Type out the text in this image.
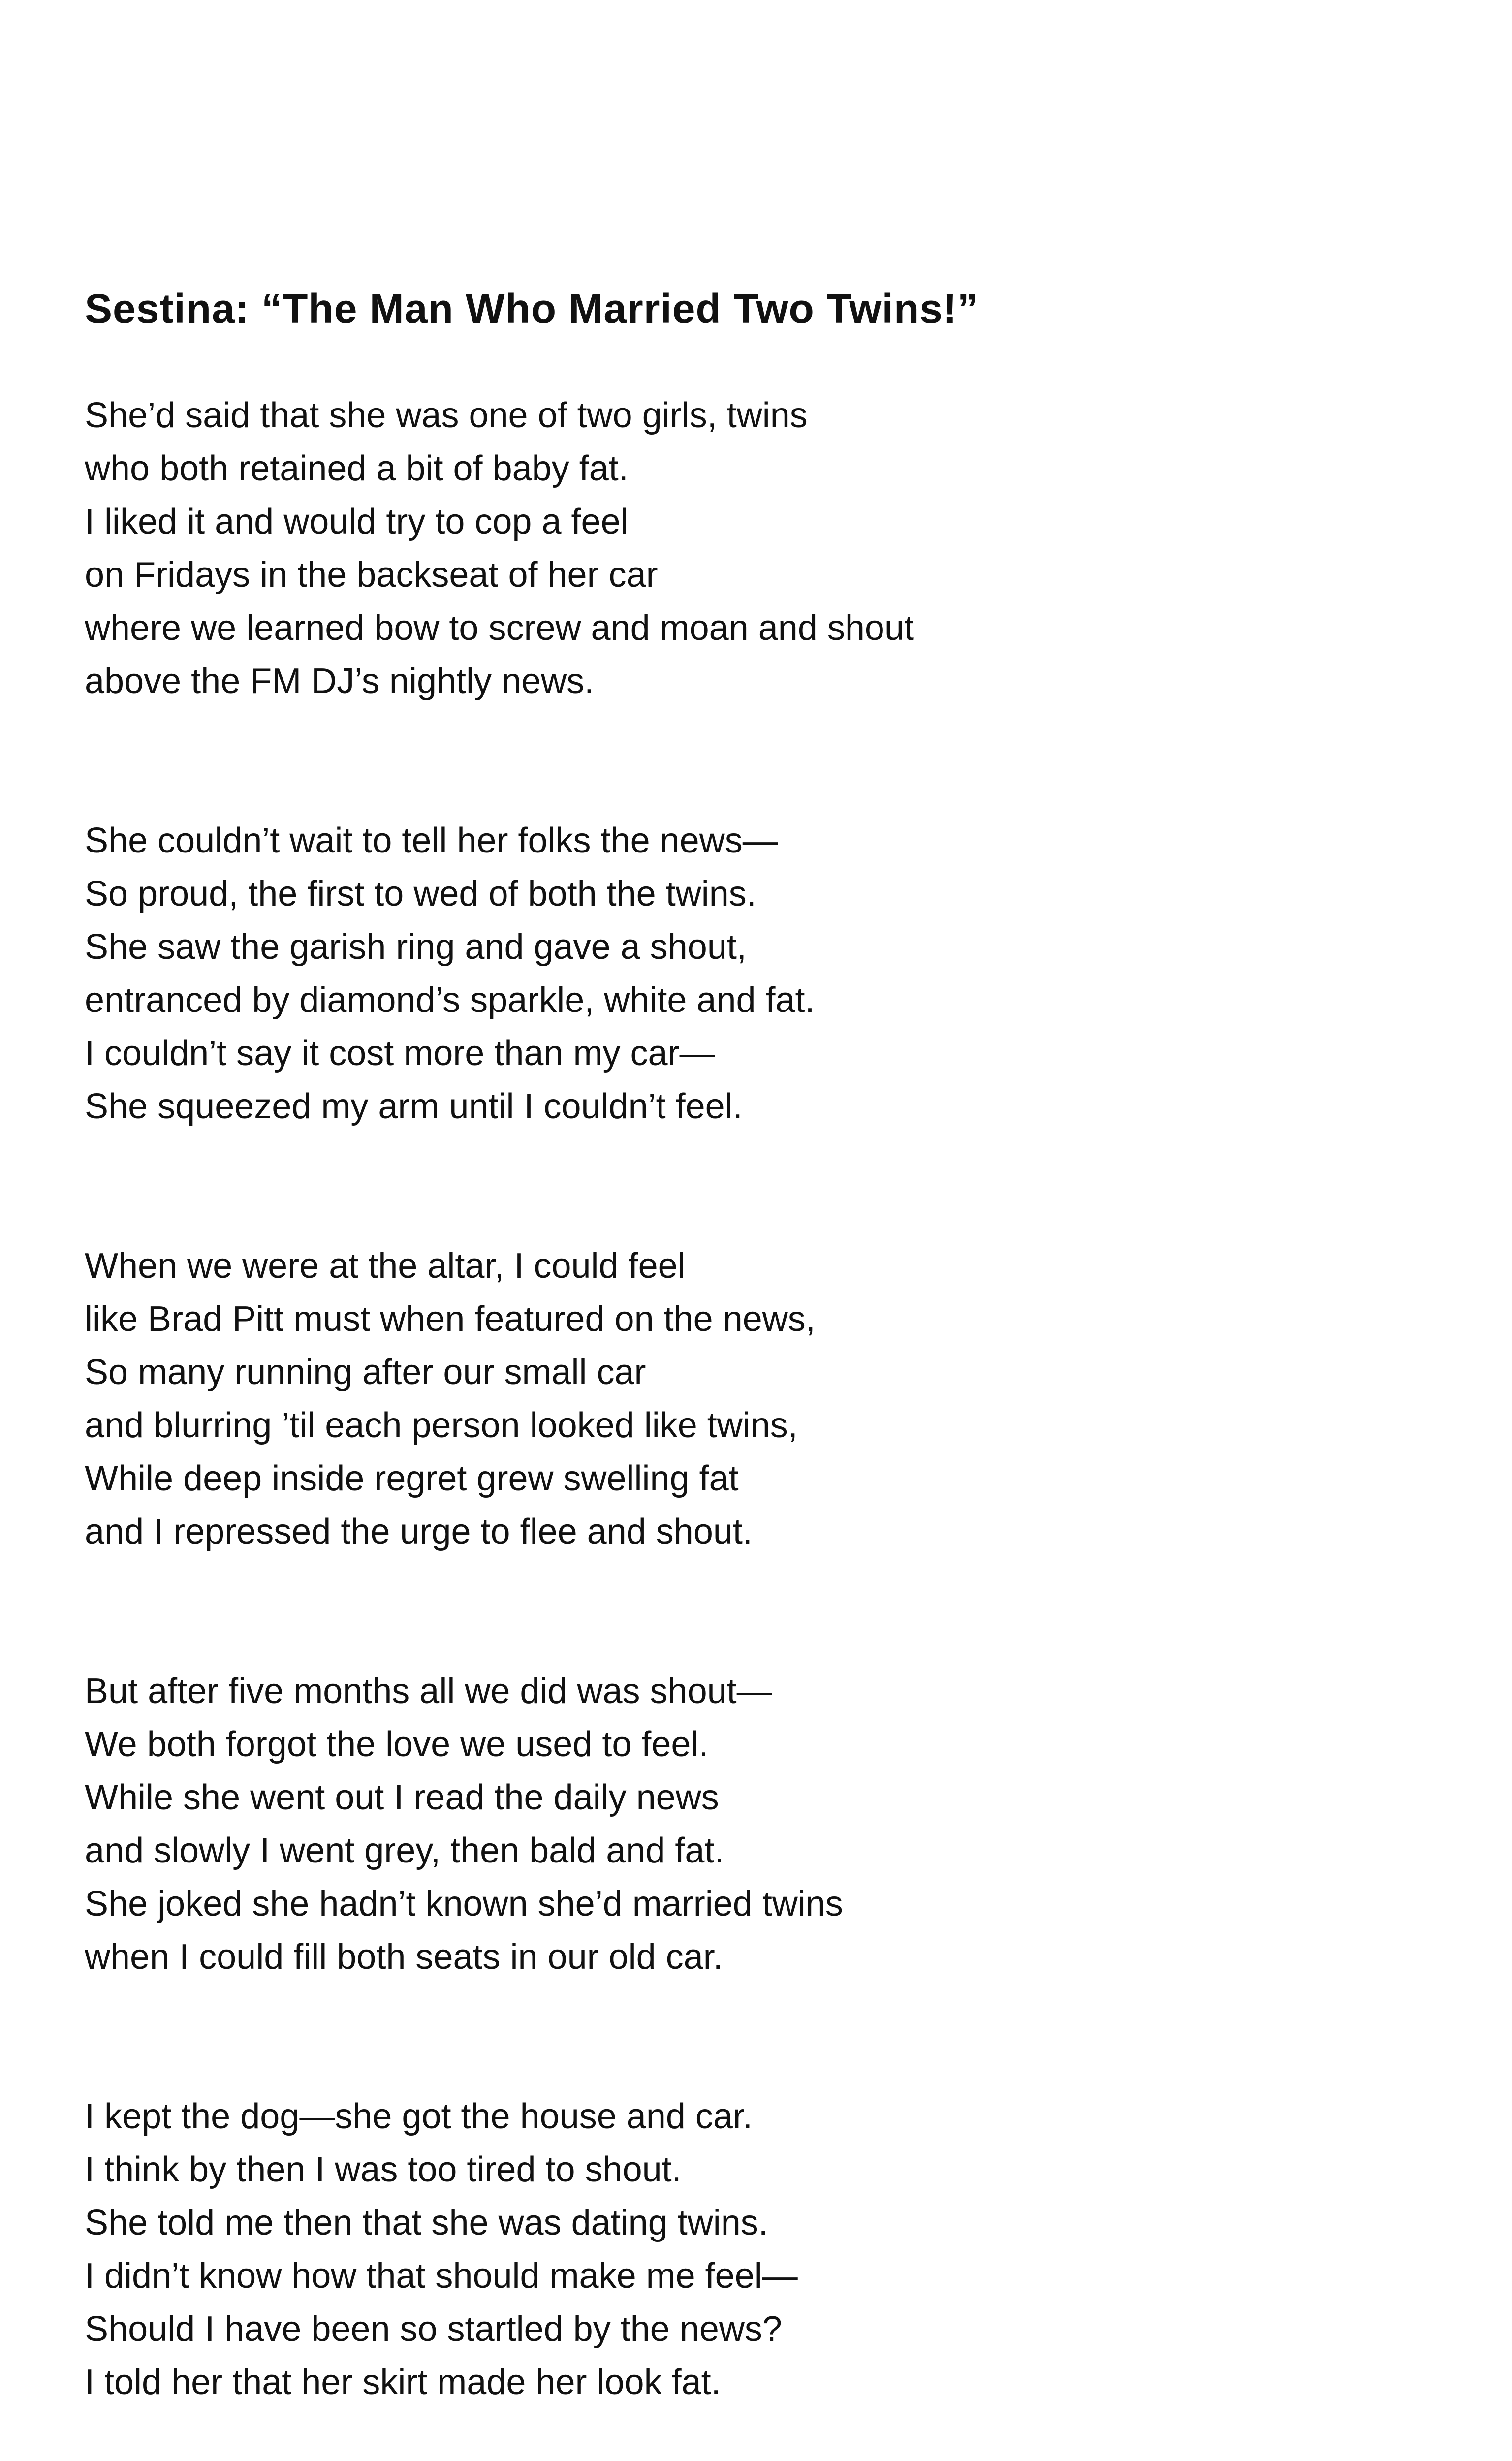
Sestina: “The Man Who Married Two Twins!”
She’d said that she was one of two girls, twins
who both retained a bit of baby fat.
I liked it and would try to cop a feel
on Fridays in the backseat of her car
where we learned bow to screw and moan and shout
above the FM DJ’s nightly news.
She couldn’t wait to tell her folks the news—
So proud, the first to wed of both the twins.
She saw the garish ring and gave a shout,
entranced by diamond’s sparkle, white and fat.
I couldn’t say it cost more than my car—
She squeezed my arm until I couldn’t feel.
When we were at the altar, I could feel
like Brad Pitt must when featured on the news,
So many running after our small car
and blurring ’til each person looked like twins,
While deep inside regret grew swelling fat
and I repressed the urge to flee and shout.
But after five months all we did was shout—
We both forgot the love we used to feel.
While she went out I read the daily news
and slowly I went grey, then bald and fat.
She joked she hadn’t known she’d married twins
when I could fill both seats in our old car.
I kept the dog—she got the house and car.
I think by then I was too tired to shout.
She told me then that she was dating twins.
I didn’t know how that should make me feel—
Should I have been so startled by the news?
I told her that her skirt made her look fat.
